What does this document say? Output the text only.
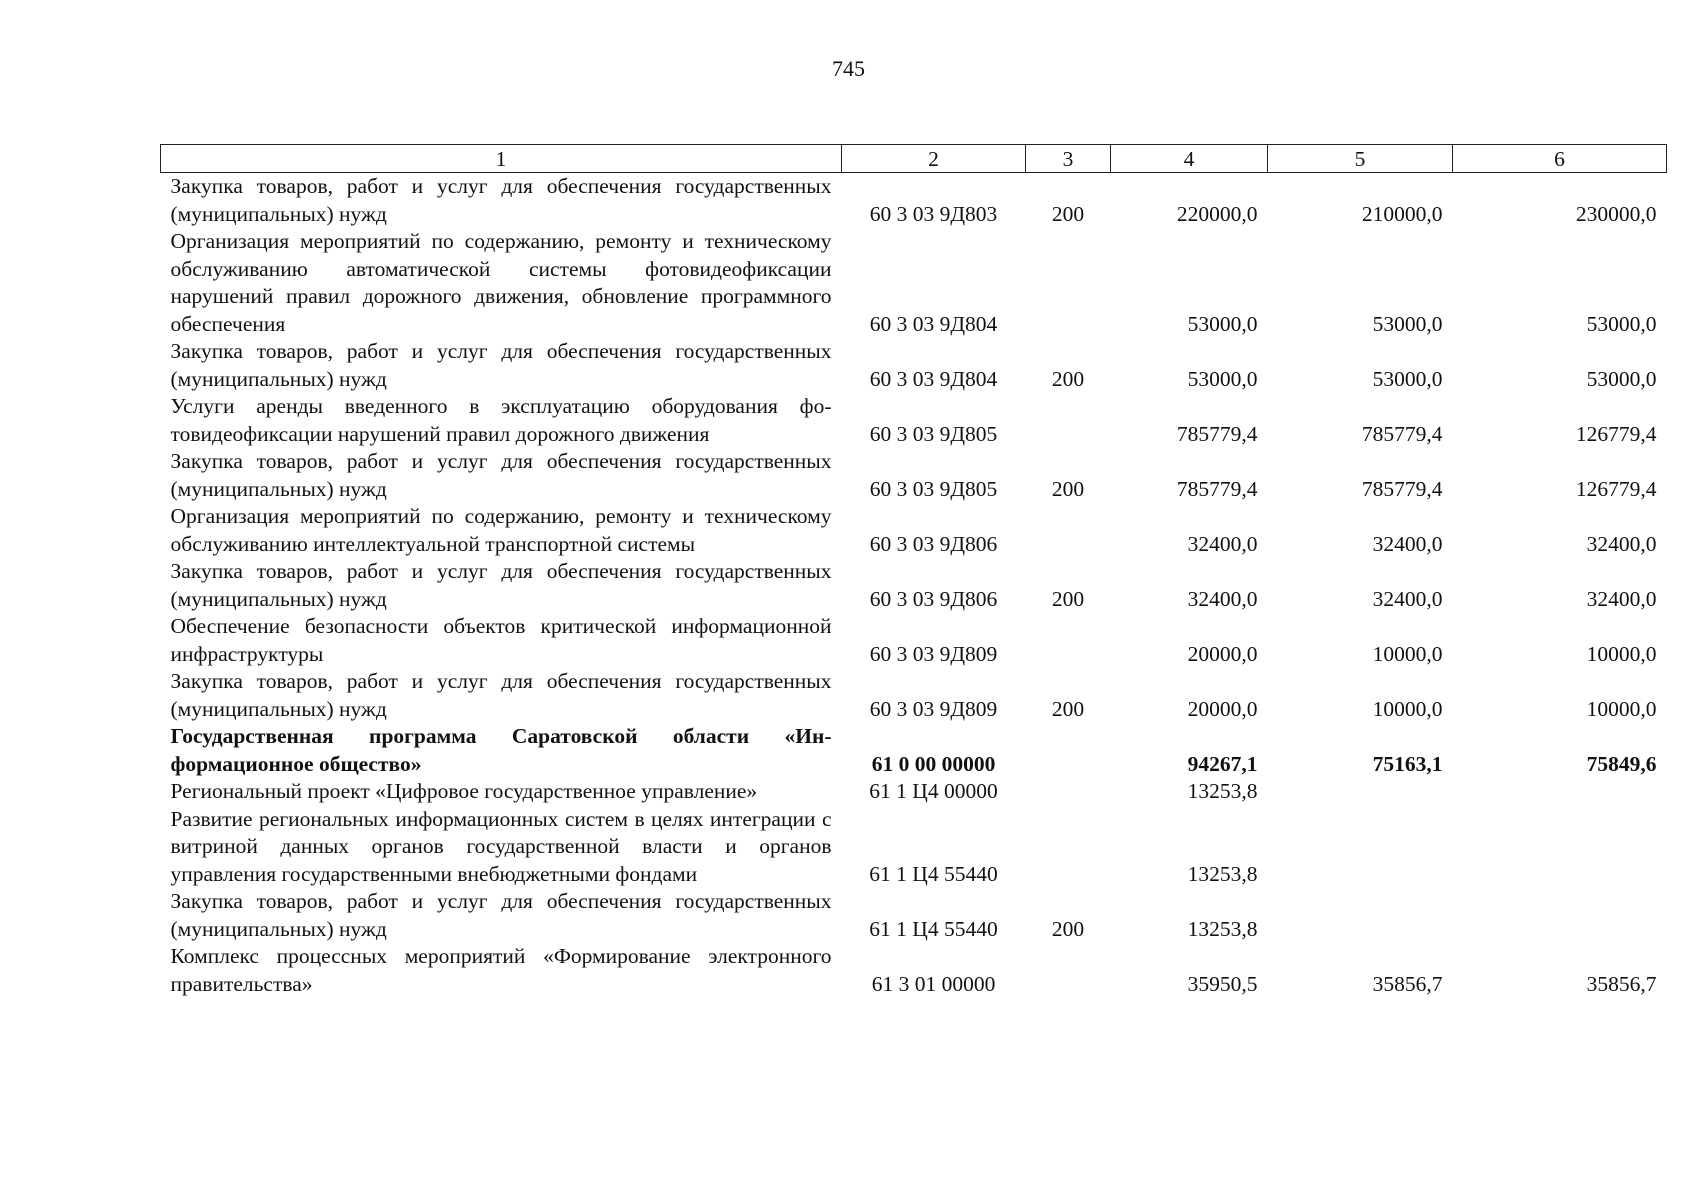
745
1	2	3	4	5	6
Закупка товаров, работ и услуг для обеспечения государственных (муниципальных) нужд	60 3 03 9Д803	200	220000,0	210000,0	230000,0
Организация мероприятий по содержанию, ремонту и техническому обслуживанию автоматической системы фотовидеофиксации нарушений правил дорожного движения, обновление программного обеспечения	60 3 03 9Д804		53000,0	53000,0	53000,0
Закупка товаров, работ и услуг для обеспечения государственных (муниципальных) нужд	60 3 03 9Д804	200	53000,0	53000,0	53000,0
Услуги аренды введенного в эксплуатацию оборудования фотовидеофиксации нарушений правил дорожного движения	60 3 03 9Д805		785779,4	785779,4	126779,4
Закупка товаров, работ и услуг для обеспечения государственных (муниципальных) нужд	60 3 03 9Д805	200	785779,4	785779,4	126779,4
Организация мероприятий по содержанию, ремонту и техническому обслуживанию интеллектуальной транспортной системы	60 3 03 9Д806		32400,0	32400,0	32400,0
Закупка товаров, работ и услуг для обеспечения государственных (муниципальных) нужд	60 3 03 9Д806	200	32400,0	32400,0	32400,0
Обеспечение безопасности объектов критической информационной инфраструктуры	60 3 03 9Д809		20000,0	10000,0	10000,0
Закупка товаров, работ и услуг для обеспечения государственных (муниципальных) нужд	60 3 03 9Д809	200	20000,0	10000,0	10000,0
Государственная программа Саратовской области «Информационное общество»	61 0 00 00000		94267,1	75163,1	75849,6
Региональный проект «Цифровое государственное управление»	61 1 Ц4 00000		13253,8		
Развитие региональных информационных систем в целях интеграции с витриной данных органов государственной власти и органов управления государственными внебюджетными фондами	61 1 Ц4 55440		13253,8		
Закупка товаров, работ и услуг для обеспечения государственных (муниципальных) нужд	61 1 Ц4 55440	200	13253,8		
Комплекс процессных мероприятий «Формирование электронного правительства»	61 3 01 00000		35950,5	35856,7	35856,7
